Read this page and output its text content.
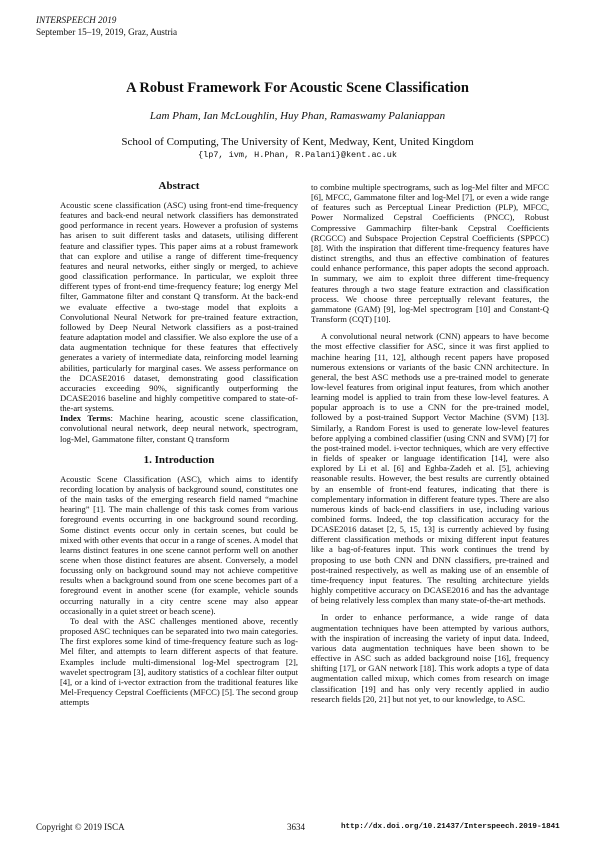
INTERSPEECH 2019
September 15–19, 2019, Graz, Austria
A Robust Framework For Acoustic Scene Classification
Lam Pham, Ian McLoughlin, Huy Phan, Ramaswamy Palaniappan
School of Computing, The University of Kent, Medway, Kent, United Kingdom
{lp7, ivm, H.Phan, R.Palani}@kent.ac.uk
Abstract

Acoustic scene classification (ASC) using front-end time-frequency features and back-end neural network classifiers has demonstrated good performance in recent years. However a profusion of systems has arisen to suit different tasks and datasets, utilising different feature and classifier types. This paper aims at a robust framework that can explore and utilise a range of different time-frequency features and neural networks, either singly or merged, to achieve good classification performance. In particular, we exploit three different types of front-end time-frequency feature; log energy Mel filter, Gammatone filter and constant Q transform. At the back-end we evaluate effective a two-stage model that exploits a Convolutional Neural Network for pre-trained feature extraction, followed by Deep Neural Network classifiers as a post-trained feature adaptation model and classifier. We also explore the use of a data augmentation technique for these features that effectively generates a variety of intermediate data, reinforcing model learning abilities, particularly for marginal cases. We assess performance on the DCASE2016 dataset, demonstrating good classification accuracies exceeding 90%, significantly outperforming the DCASE2016 baseline and highly competitive compared to state-of-the-art systems.

Index Terms: Machine hearing, acoustic scene classification, convolutional neural network, deep neural network, spectrogram, log-Mel, Gammatone filter, constant Q transform

1. Introduction

Acoustic Scene Classification (ASC), which aims to identify recording location by analysis of background sound, constitutes one of the main tasks of the emerging research field named “machine hearing” [1]. The main challenge of this task comes from various foreground events occurring in one background sound recording. Some distinct events occur only in certain scenes, but could be mixed with other events that occur in a range of scenes. A model that learns distinct features in one scene cannot perform well on another scene when those distinct features are absent. Conversely, a model focussing only on background sound may not achieve competitive results when a background sound from one scene becomes part of a foreground event in another scene (for example, vehicle sounds occurring naturally in a city centre scene may also appear occasionally in a quiet street or beach scene).

To deal with the ASC challenges mentioned above, recently proposed ASC techniques can be separated into two main categories. The first explores some kind of time-frequency feature such as log-Mel filter, and attempts to learn different aspects of that feature. Examples include multi-dimensional log-Mel spectrogram [2], wavelet spectrogram [3], auditory statistics of a cochlear filter output [4], or a kind of i-vector extraction from the traditional features like Mel-Frequency Cepstral Coefficients (MFCC) [5]. The second group attempts

to combine multiple spectrograms, such as log-Mel filter and MFCC [6], MFCC, Gammatone filter and log-Mel [7], or even a wide range of features such as Perceptual Linear Prediction (PLP), MFCC, Power Normalized Cepstral Coefficients (PNCC), Robust Compressive Gammachirp filter-bank Cepstral Coefficients (RCGCC) and Subspace Projection Cepstral Coefficients (SPPCC) [8]. With the inspiration that different time-frequency features have distinct strengths, and thus an effective combination of features could enhance performance, this paper adopts the second approach. In summary, we aim to exploit three different time-frequency features through a two stage feature extraction and classification process. We choose three perceptually relevant features, the gammatone (GAM) [9], log-Mel spectrogram [10] and Constant-Q Transform (CQT) [10].

A convolutional neural network (CNN) appears to have become the most effective classifier for ASC, since it was first applied to machine hearing [11, 12], although recent papers have proposed numerous extensions or variants of the basic CNN architecture. In general, the best ASC methods use a pre-trained model to generate low-level features from original input features, from which another learning model is applied to train from these low-level features. A popular approach is to use a CNN for the pre-trained model, followed by a post-trained Support Vector Machine (SVM) [13]. Similarly, a Random Forest is used to generate low-level features before applying a combined classifier (using CNN and SVM) [7] for the post-trained model. i-vector techniques, which are very effective in fields of speaker or language identification [14], were also explored by Li et al. [6] and Eghba-Zadeh et al. [5], achieving reasonable results. However, the best results are currently obtained by an ensemble of front-end features, indicating that there is complementary information in different feature types. There are also numerous kinds of back-end classifiers in use, including various combined forms. Indeed, the top classification accuracy for the DCASE2016 dataset [2, 5, 15, 13] is currently achieved by fusing different classification methods or mixing different input features like a bag-of-features input. This work continues the trend by proposing to use both CNN and DNN classifiers, pre-trained and post-trained respectively, as well as making use of an ensemble of time-frequency input features. The resulting architecture yields highly competitive accuracy on DCASE2016 and has the advantage of being relatively less complex than many state-of-the-art methods.

In order to enhance performance, a wide range of data augmentation techniques have been attempted by various authors, with the inspiration of increasing the variety of input data. Indeed, various data augmentation techniques have been shown to be effective in ASC such as added background noise [16], frequency shifting [17], or GAN network [18]. This work adopts a type of data augmentation called mixup, which comes from research on image classification [19] and has only very recently applied in audio research fields [20, 21] but not yet, to our knowledge, to ASC.

Copyright © 2019 ISCA	3634	http://dx.doi.org/10.21437/Interspeech.2019-1841
